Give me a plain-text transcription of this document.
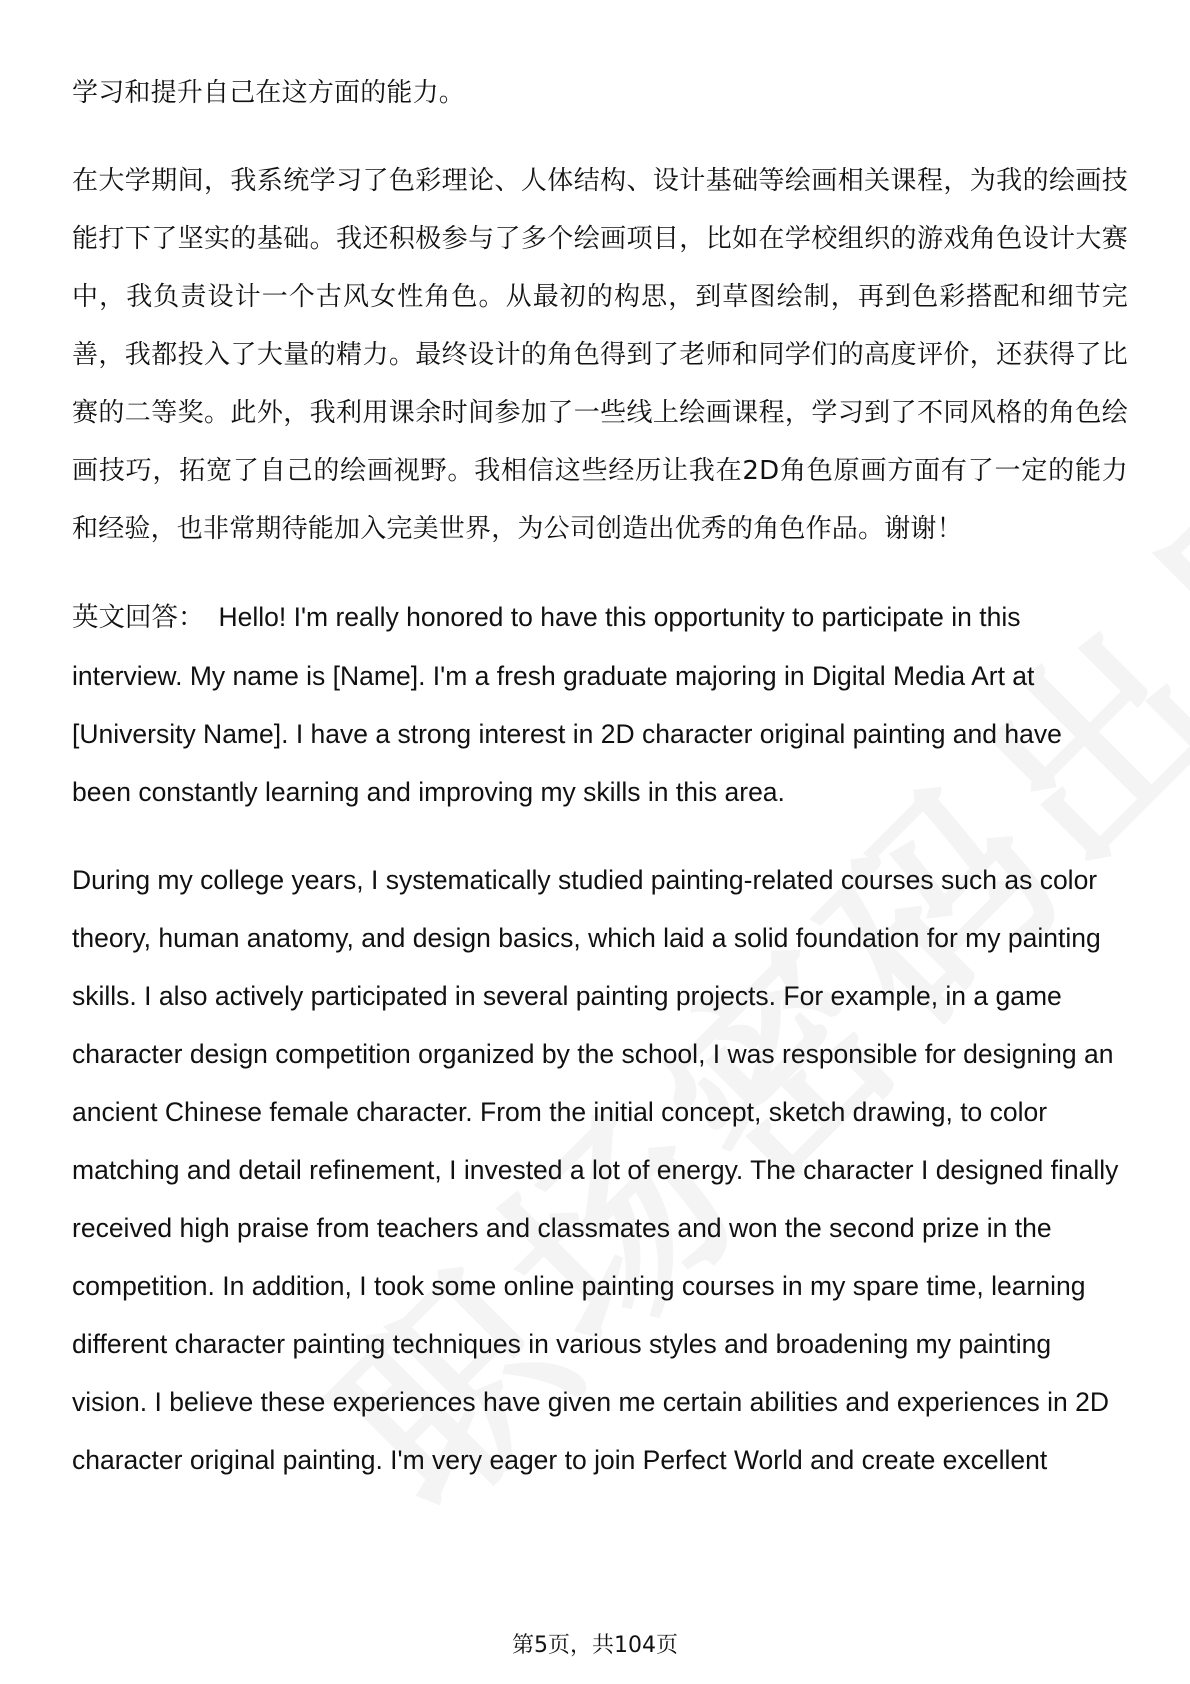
学习和提升自己在这方面的能力。

在大学期间，我系统学习了色彩理论、人体结构、设计基础等绘画相关课程，为我的绘画技能打下了坚实的基础。我还积极参与了多个绘画项目，比如在学校组织的游戏角色设计大赛中，我负责设计一个古风女性角色。从最初的构思，到草图绘制，再到色彩搭配和细节完善，我都投入了大量的精力。最终设计的角色得到了老师和同学们的高度评价，还获得了比赛的二等奖。此外，我利用课余时间参加了一些线上绘画课程，学习到了不同风格的角色绘画技巧，拓宽了自己的绘画视野。我相信这些经历让我在2D角色原画方面有了一定的能力和经验，也非常期待能加入完美世界，为公司创造出优秀的角色作品。谢谢！

英文回答： Hello! I'm really honored to have this opportunity to participate in this interview. My name is [Name]. I'm a fresh graduate majoring in Digital Media Art at [University Name]. I have a strong interest in 2D character original painting and have been constantly learning and improving my skills in this area.

During my college years, I systematically studied painting-related courses such as color theory, human anatomy, and design basics, which laid a solid foundation for my painting skills. I also actively participated in several painting projects. For example, in a game character design competition organized by the school, I was responsible for designing an ancient Chinese female character. From the initial concept, sketch drawing, to color matching and detail refinement, I invested a lot of energy. The character I designed finally received high praise from teachers and classmates and won the second prize in the competition. In addition, I took some online painting courses in my spare time, learning different character painting techniques in various styles and broadening my painting vision. I believe these experiences have given me certain abilities and experiences in 2D character original painting. I'm very eager to join Perfect World and create excellent

第5页，共104页
